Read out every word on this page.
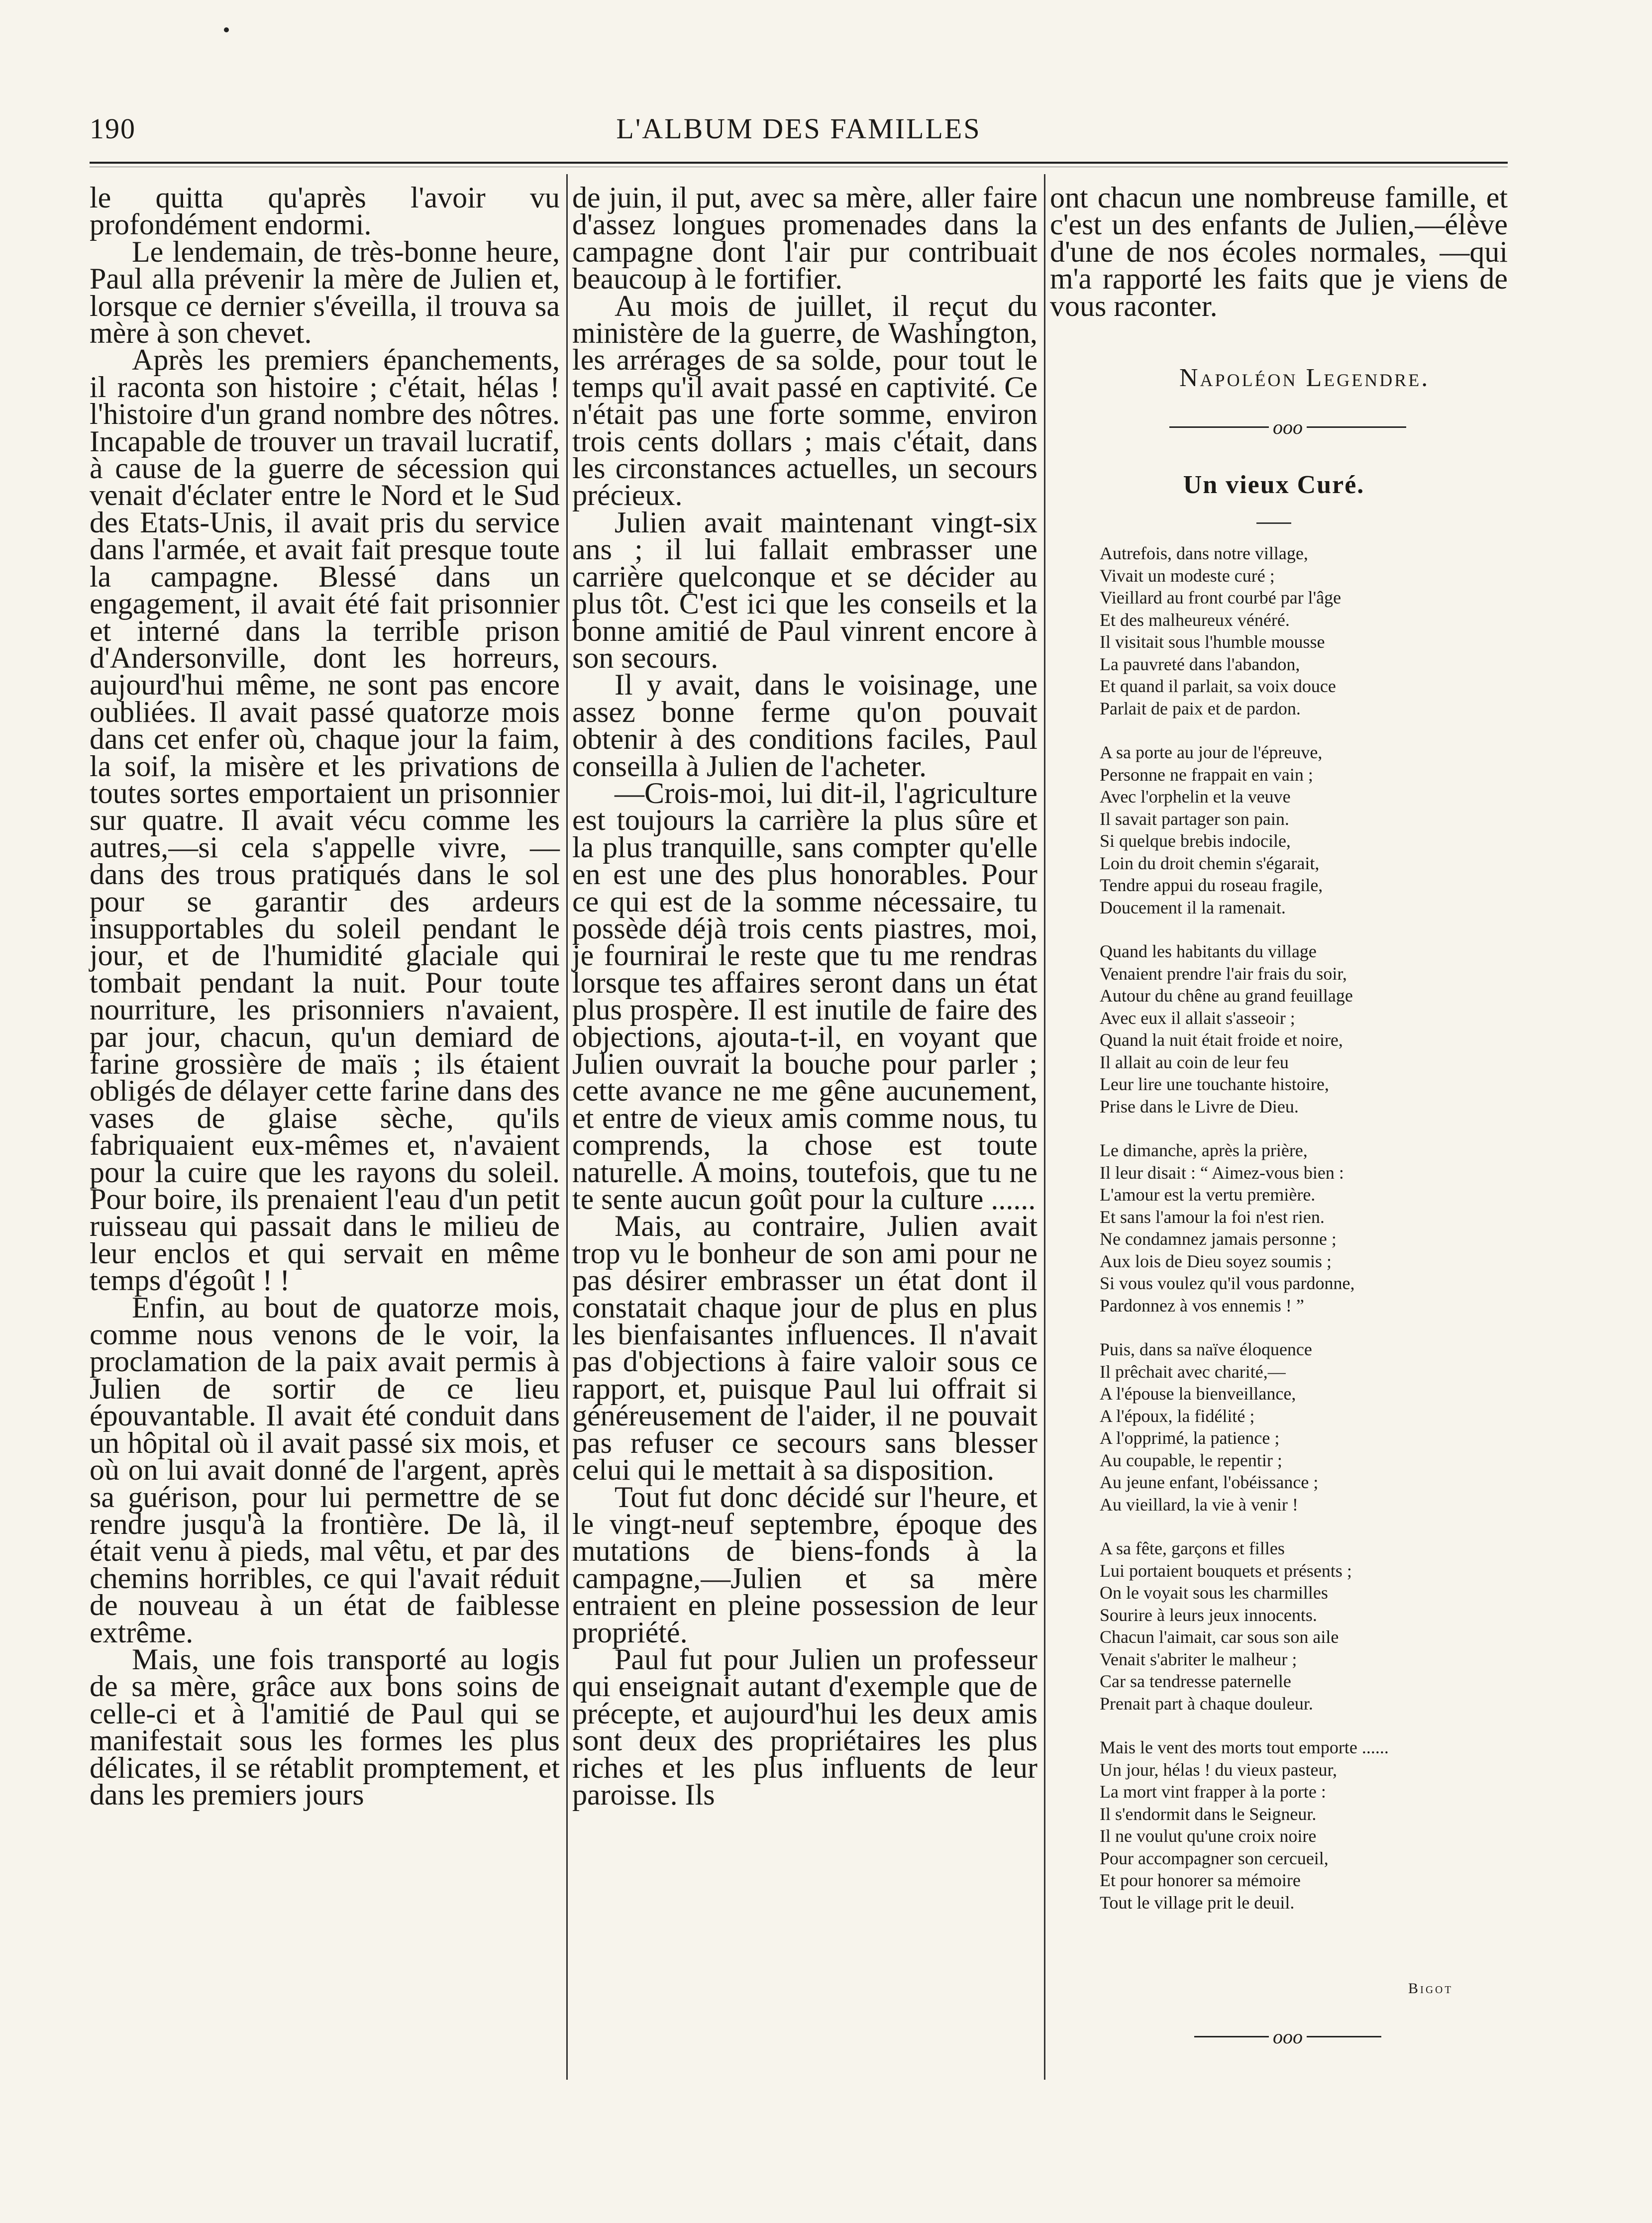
190	L'ALBUM DES FAMILLES

le quitta qu'après l'avoir vu profondément endormi.

Le lendemain, de très-bonne heure, Paul alla prévenir la mère de Julien et, lorsque ce dernier s'éveilla, il trouva sa mère à son chevet.

Après les premiers épanchements, il raconta son histoire ; c'était, hélas ! l'histoire d'un grand nombre des nôtres. Incapable de trouver un travail lucratif, à cause de la guerre de sécession qui venait d'éclater entre le Nord et le Sud des Etats-Unis, il avait pris du service dans l'armée, et avait fait presque toute la campagne. Blessé dans un engagement, il avait été fait prisonnier et interné dans la terrible prison d'Andersonville, dont les horreurs, aujourd'hui même, ne sont pas encore oubliées. Il avait passé quatorze mois dans cet enfer où, chaque jour la faim, la soif, la misère et les privations de toutes sortes emportaient un prisonnier sur quatre. Il avait vécu comme les autres,—si cela s'appelle vivre, — dans des trous pratiqués dans le sol pour se garantir des ardeurs insupportables du soleil pendant le jour, et de l'humidité glaciale qui tombait pendant la nuit. Pour toute nourriture, les prisonniers n'avaient, par jour, chacun, qu'un demiard de farine grossière de maïs ; ils étaient obligés de délayer cette farine dans des vases de glaise sèche, qu'ils fabriquaient eux-mêmes et, n'avaient pour la cuire que les rayons du soleil. Pour boire, ils prenaient l'eau d'un petit ruisseau qui passait dans le milieu de leur enclos et qui servait en même temps d'égoût ! !

Enfin, au bout de quatorze mois, comme nous venons de le voir, la proclamation de la paix avait permis à Julien de sortir de ce lieu épouvantable. Il avait été conduit dans un hôpital où il avait passé six mois, et où on lui avait donné de l'argent, après sa guérison, pour lui permettre de se rendre jusqu'à la frontière. De là, il était venu à pieds, mal vêtu, et par des chemins horribles, ce qui l'avait réduit de nouveau à un état de faiblesse extrême.

Mais, une fois transporté au logis de sa mère, grâce aux bons soins de celle-ci et à l'amitié de Paul qui se manifestait sous les formes les plus délicates, il se rétablit promptement, et dans les premiers jours

de juin, il put, avec sa mère, aller faire d'assez longues promenades dans la campagne dont l'air pur contribuait beaucoup à le fortifier.

Au mois de juillet, il reçut du ministère de la guerre, de Washington, les arrérages de sa solde, pour tout le temps qu'il avait passé en captivité. Ce n'était pas une forte somme, environ trois cents dollars ; mais c'était, dans les circonstances actuelles, un secours précieux.

Julien avait maintenant vingt-six ans ; il lui fallait embrasser une carrière quelconque et se décider au plus tôt. C'est ici que les conseils et la bonne amitié de Paul vinrent encore à son secours.

Il y avait, dans le voisinage, une assez bonne ferme qu'on pouvait obtenir à des conditions faciles, Paul conseilla à Julien de l'acheter.

—Crois-moi, lui dit-il, l'agriculture est toujours la carrière la plus sûre et la plus tranquille, sans compter qu'elle en est une des plus honorables. Pour ce qui est de la somme nécessaire, tu possède déjà trois cents piastres, moi, je fournirai le reste que tu me rendras lorsque tes affaires seront dans un état plus prospère. Il est inutile de faire des objections, ajouta-t-il, en voyant que Julien ouvrait la bouche pour parler ; cette avance ne me gêne aucunement, et entre de vieux amis comme nous, tu comprends, la chose est toute naturelle. A moins, toutefois, que tu ne te sente aucun goût pour la culture ......

Mais, au contraire, Julien avait trop vu le bonheur de son ami pour ne pas désirer embrasser un état dont il constatait chaque jour de plus en plus les bienfaisantes influences. Il n'avait pas d'objections à faire valoir sous ce rapport, et, puisque Paul lui offrait si généreusement de l'aider, il ne pouvait pas refuser ce secours sans blesser celui qui le mettait à sa disposition.

Tout fut donc décidé sur l'heure, et le vingt-neuf septembre, époque des mutations de biens-fonds à la campagne,—Julien et sa mère entraient en pleine possession de leur propriété.

Paul fut pour Julien un professeur qui enseignait autant d'exemple que de précepte, et aujourd'hui les deux amis sont deux des propriétaires les plus riches et les plus influents de leur paroisse. Ils

ont chacun une nombreuse famille, et c'est un des enfants de Julien,—élève d'une de nos écoles normales, —qui m'a rapporté les faits que je viens de vous raconter.

Napoléon Legendre.
ooo
Un vieux Curé.
Autrefois, dans notre village,
Vivait un modeste curé ;
Vieillard au front courbé par l'âge
Et des malheureux vénéré.
Il visitait sous l'humble mousse
La pauvreté dans l'abandon,
Et quand il parlait, sa voix douce
Parlait de paix et de pardon.
A sa porte au jour de l'épreuve,
Personne ne frappait en vain ;
Avec l'orphelin et la veuve
Il savait partager son pain.
Si quelque brebis indocile,
Loin du droit chemin s'égarait,
Tendre appui du roseau fragile,
Doucement il la ramenait.
Quand les habitants du village
Venaient prendre l'air frais du soir,
Autour du chêne au grand feuillage
Avec eux il allait s'asseoir ;
Quand la nuit était froide et noire,
Il allait au coin de leur feu
Leur lire une touchante histoire,
Prise dans le Livre de Dieu.
Le dimanche, après la prière,
Il leur disait : “ Aimez-vous bien :
L'amour est la vertu première.
Et sans l'amour la foi n'est rien.
Ne condamnez jamais personne ;
Aux lois de Dieu soyez soumis ;
Si vous voulez qu'il vous pardonne,
Pardonnez à vos ennemis ! ”
Puis, dans sa naïve éloquence
Il prêchait avec charité,—
A l'épouse la bienveillance,
A l'époux, la fidélité ;
A l'opprimé, la patience ;
Au coupable, le repentir ;
Au jeune enfant, l'obéissance ;
Au vieillard, la vie à venir !
A sa fête, garçons et filles
Lui portaient bouquets et présents ;
On le voyait sous les charmilles
Sourire à leurs jeux innocents.
Chacun l'aimait, car sous son aile
Venait s'abriter le malheur ;
Car sa tendresse paternelle
Prenait part à chaque douleur.
Mais le vent des morts tout emporte ......
Un jour, hélas ! du vieux pasteur,
La mort vint frapper à la porte :
Il s'endormit dans le Seigneur.
Il ne voulut qu'une croix noire
Pour accompagner son cercueil,
Et pour honorer sa mémoire
Tout le village prit le deuil.
Bigot
ooo
